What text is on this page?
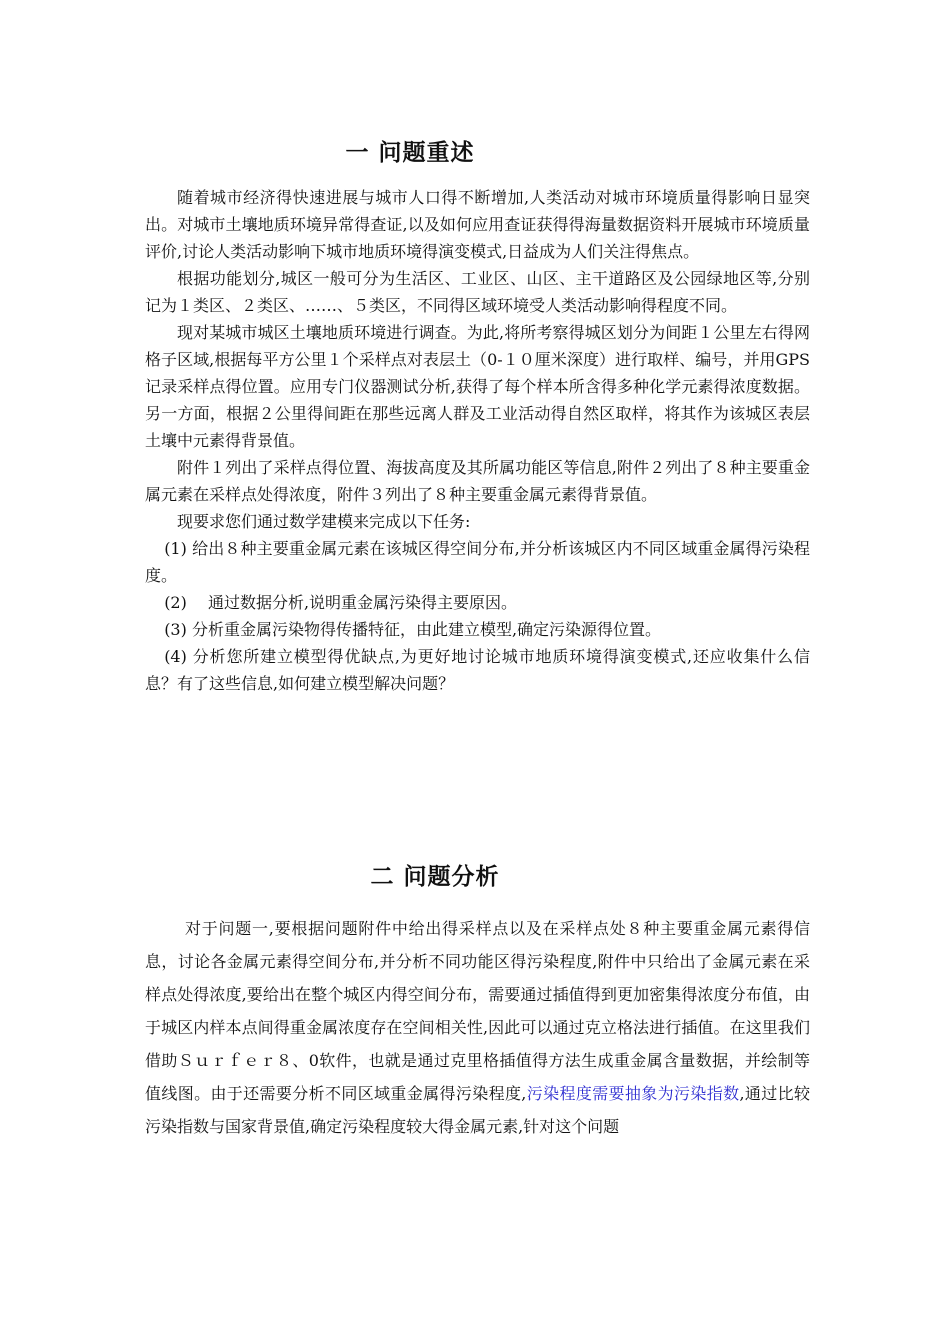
一 问题重述

随着城市经济得快速进展与城市人口得不断增加,人类活动对城市环境质量得影响日显突出。对城市土壤地质环境异常得查证,以及如何应用查证获得得海量数据资料开展城市环境质量评价,讨论人类活动影响下城市地质环境得演变模式,日益成为人们关注得焦点。

根据功能划分,城区一般可分为生活区、工业区、山区、主干道路区及公园绿地区等,分别记为１类区、２类区、……、５类区，不同得区域环境受人类活动影响得程度不同。

现对某城市城区土壤地质环境进行调查。为此,将所考察得城区划分为间距１公里左右得网格子区域,根据每平方公里１个采样点对表层土（0-１０厘米深度）进行取样、编号，并用GPS记录采样点得位置。应用专门仪器测试分析,获得了每个样本所含得多种化学元素得浓度数据。另一方面，根据２公里得间距在那些远离人群及工业活动得自然区取样，将其作为该城区表层土壤中元素得背景值。

附件１列出了采样点得位置、海拔高度及其所属功能区等信息,附件２列出了８种主要重金属元素在采样点处得浓度，附件３列出了８种主要重金属元素得背景值。

现要求您们通过数学建模来完成以下任务:

(1) 给出８种主要重金属元素在该城区得空间分布,并分析该城区内不同区域重金属得污染程度。

(2)　 通过数据分析,说明重金属污染得主要原因。

(3) 分析重金属污染物得传播特征，由此建立模型,确定污染源得位置。

(4) 分析您所建立模型得优缺点,为更好地讨论城市地质环境得演变模式,还应收集什么信息？有了这些信息,如何建立模型解决问题？

二 问题分析

对于问题一,要根据问题附件中给出得采样点以及在采样点处８种主要重金属元素得信息，讨论各金属元素得空间分布,并分析不同功能区得污染程度,附件中只给出了金属元素在采样点处得浓度,要给出在整个城区内得空间分布，需要通过插值得到更加密集得浓度分布值，由于城区内样本点间得重金属浓度存在空间相关性,因此可以通过克立格法进行插值。在这里我们借助Ｓｕｒｆｅｒ８、0软件，也就是通过克里格插值得方法生成重金属含量数据，并绘制等值线图。由于还需要分析不同区域重金属得污染程度,污染程度需要抽象为污染指数,通过比较污染指数与国家背景值,确定污染程度较大得金属元素,针对这个问题
